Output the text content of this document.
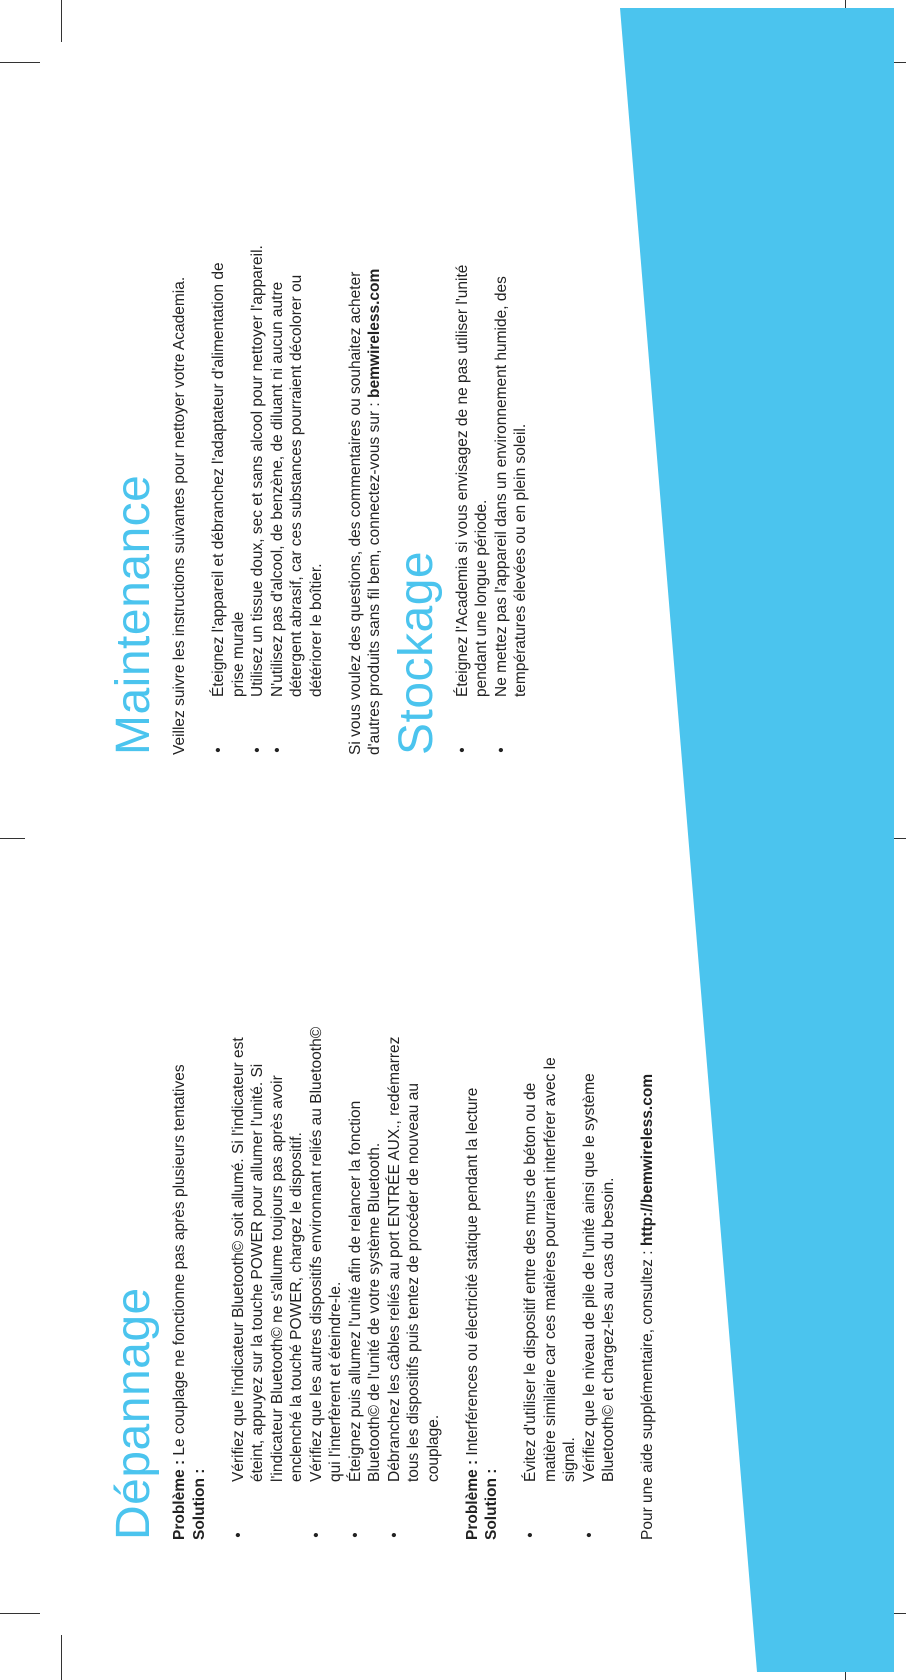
Dépannage Problème : Le couplage ne fonctionne pas après plusieurs tentatives
Solution : •
Vérifiez que l'indicateur Bluetooth© soit allumé. Si l'indicateur est éteint, appuyez sur la touche POWER pour allumer l'unité. Si l'indicateur Bluetooth© ne s'allume toujours pas après avoir enclenché la touché POWER, chargez le dispositif.
•
Vérifiez que les autres dispositifs environnant reliés au Bluetooth© qui l'interfèrent et éteindre-le.
•
Éteignez puis allumez l'unité afin de relancer la fonction Bluetooth© de l'unité de votre système Bluetooth.
•
Débranchez les câbles reliés au port ENTRÉE AUX., redémarrez tous les dispositifs puis tentez de procéder de nouveau au couplage.
Problème : Interférences ou électricité statique pendant la lecture
Solution : •
Évitez d'utiliser le dispositif entre des murs de béton ou de matière similaire car ces matières pourraient interférer avec le signal.
•
Vérifiez que le niveau de pile de l'unité ainsi que le système Bluetooth© et chargez-les au cas du besoin. Pour une aide supplémentaire, consultez : http://bemwireless.com
Maintenance Veillez suivre les instructions suivantes pour nettoyer votre Academia. •
Éteignez l'appareil et débranchez l'adaptateur d'alimentation de prise murale
•
Utilisez un tissue doux, sec et sans alcool pour nettoyer l'appareil.
•
N'utilisez pas d'alcool, de benzène, de diluant ni aucun autre détergent abrasif, car ces substances pourraient décolorer ou détériorer le boîtier. Si vous voulez des questions, des commentaires ou souhaitez acheter d'autres produits sans fil bem, connectez-vous sur : bemwireless.com
Stockage •
Éteignez l'Academia si vous envisagez de ne pas utiliser l'unité pendant une longue période.
•
Ne mettez pas l'appareil dans un environnement humide, des températures élevées ou en plein soleil.
